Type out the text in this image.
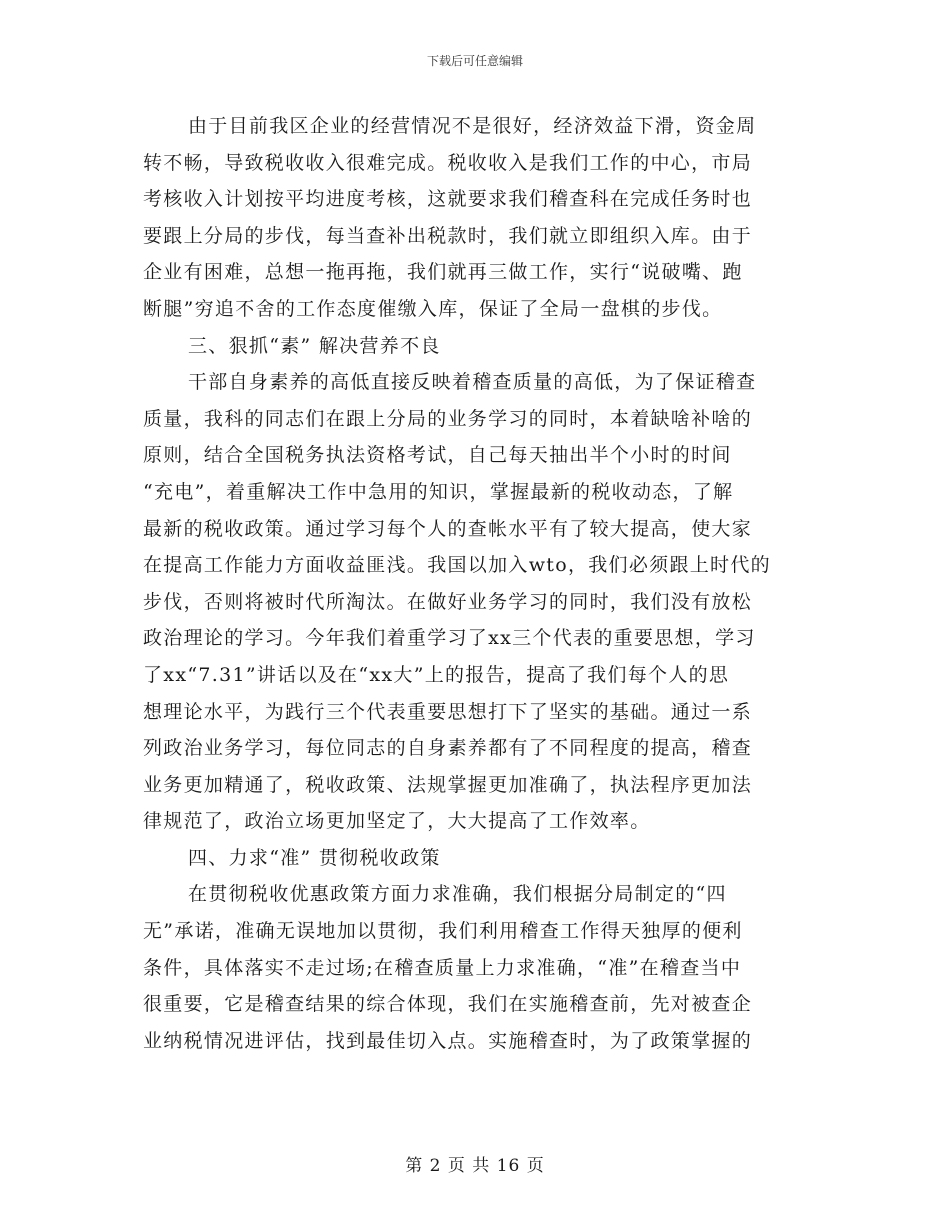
下载后可任意编辑
由于目前我区企业的经营情况不是很好，经济效益下滑，资金周
转不畅，导致税收收入很难完成。税收收入是我们工作的中心，市局
考核收入计划按平均进度考核，这就要求我们稽查科在完成任务时也
要跟上分局的步伐，每当查补出税款时，我们就立即组织入库。由于
企业有困难，总想一拖再拖，我们就再三做工作，实行“说破嘴、跑
断腿”穷追不舍的工作态度催缴入库，保证了全局一盘棋的步伐。
三、狠抓“素” 解决营养不良
干部自身素养的高低直接反映着稽查质量的高低，为了保证稽查
质量，我科的同志们在跟上分局的业务学习的同时，本着缺啥补啥的
原则，结合全国税务执法资格考试，自己每天抽出半个小时的时间
“充电”，着重解决工作中急用的知识，掌握最新的税收动态，了解
最新的税收政策。通过学习每个人的查帐水平有了较大提高，使大家
在提高工作能力方面收益匪浅。我国以加入wto，我们必须跟上时代的
步伐，否则将被时代所淘汰。在做好业务学习的同时，我们没有放松
政治理论的学习。今年我们着重学习了xx三个代表的重要思想，学习
了xx“7.31”讲话以及在“xx大”上的报告，提高了我们每个人的思
想理论水平，为践行三个代表重要思想打下了坚实的基础。通过一系
列政治业务学习，每位同志的自身素养都有了不同程度的提高，稽查
业务更加精通了，税收政策、法规掌握更加准确了，执法程序更加法
律规范了，政治立场更加坚定了，大大提高了工作效率。
四、力求“准” 贯彻税收政策
在贯彻税收优惠政策方面力求准确，我们根据分局制定的“四
无”承诺，准确无误地加以贯彻，我们利用稽查工作得天独厚的便利
条件，具体落实不走过场;在稽查质量上力求准确，“准”在稽查当中
很重要，它是稽查结果的综合体现，我们在实施稽查前，先对被查企
业纳税情况进评估，找到最佳切入点。实施稽查时，为了政策掌握的
第 2 页 共 16 页
